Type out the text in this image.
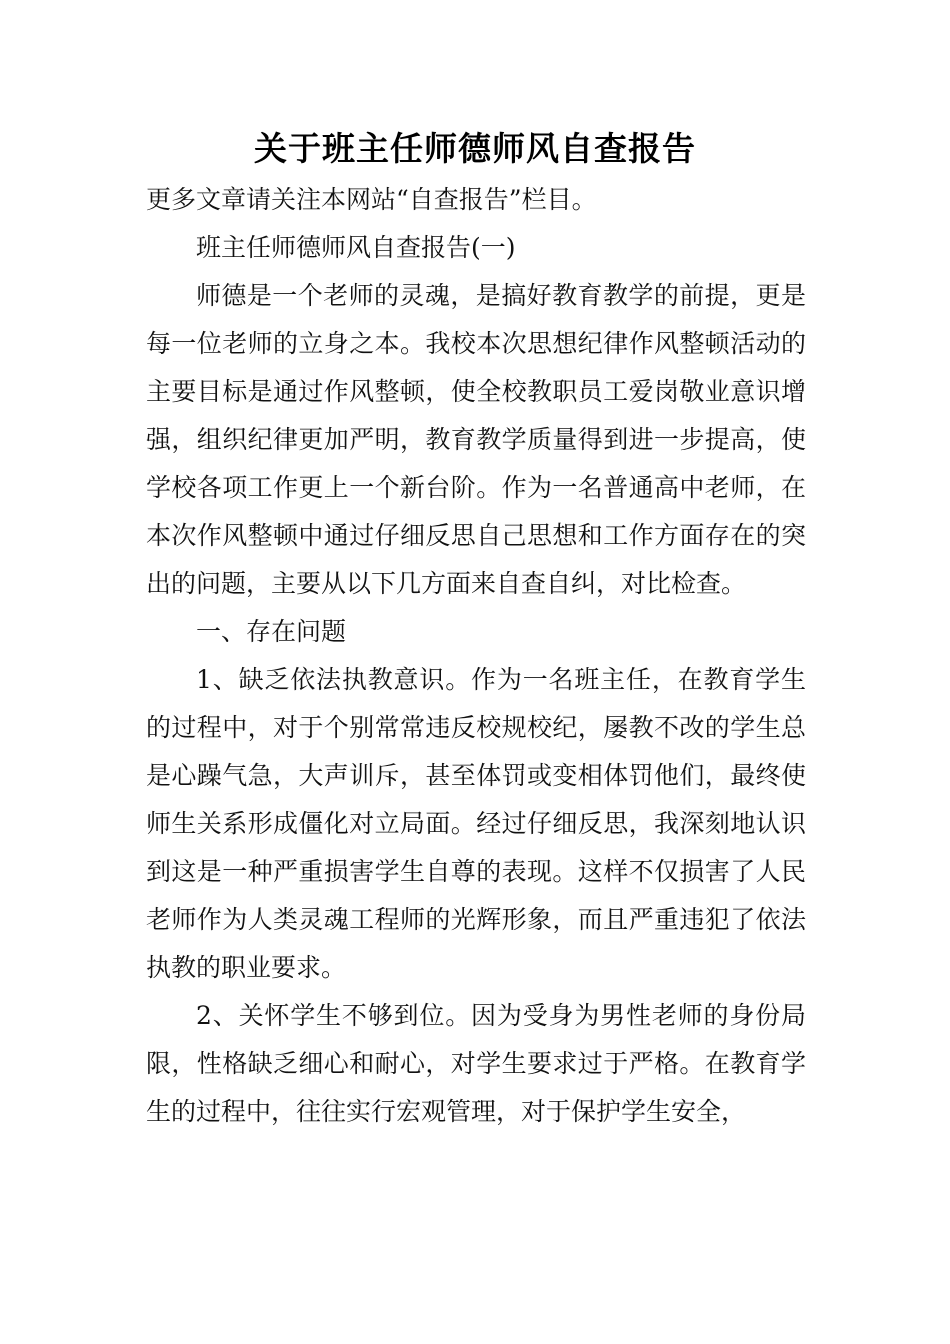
关于班主任师德师风自查报告

更多文章请关注本网站“自查报告”栏目。

班主任师德师风自查报告(一)

师德是一个老师的灵魂，是搞好教育教学的前提，更是每一位老师的立身之本。我校本次思想纪律作风整顿活动的主要目标是通过作风整顿，使全校教职员工爱岗敬业意识增强，组织纪律更加严明，教育教学质量得到进一步提高，使学校各项工作更上一个新台阶。作为一名普通高中老师，在本次作风整顿中通过仔细反思自己思想和工作方面存在的突出的问题，主要从以下几方面来自查自纠，对比检查。

一、存在问题

1、缺乏依法执教意识。作为一名班主任，在教育学生的过程中，对于个别常常违反校规校纪，屡教不改的学生总是心躁气急，大声训斥，甚至体罚或变相体罚他们，最终使师生关系形成僵化对立局面。经过仔细反思，我深刻地认识到这是一种严重损害学生自尊的表现。这样不仅损害了人民老师作为人类灵魂工程师的光辉形象，而且严重违犯了依法执教的职业要求。

2、关怀学生不够到位。因为受身为男性老师的身份局限，性格缺乏细心和耐心，对学生要求过于严格。在教育学生的过程中，往往实行宏观管理，对于保护学生安全，
